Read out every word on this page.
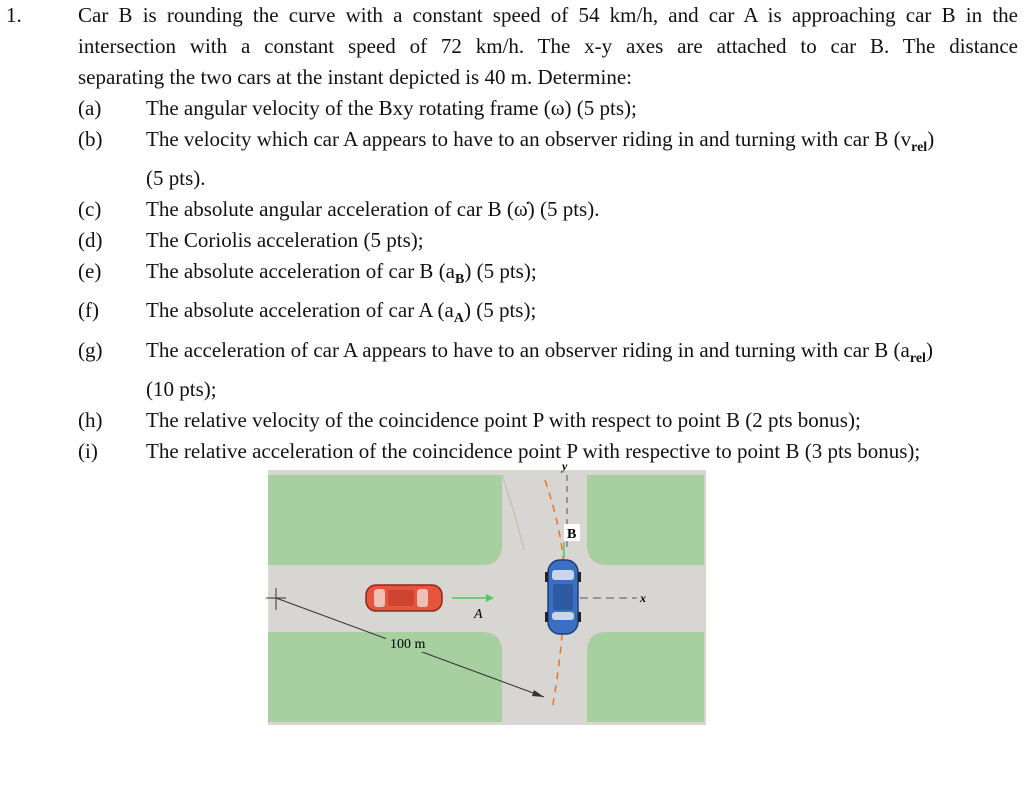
1.	Car B is rounding the curve with a constant speed of 54 km/h, and car A is approaching car B in the
intersection with a constant speed of 72 km/h. The x-y axes are attached to car B. The distance
separating the two cars at the instant depicted is 40 m. Determine:
(a) The angular velocity of the Bxy rotating frame (ω) (5 pts);
(b) The velocity which car A appears to have to an observer riding in and turning with car B $(v_{rel})$
(5 pts).
(c) The absolute angular acceleration of car B (ω̇) (5 pts).
(d) The Coriolis acceleration (5 pts);
(e) The absolute acceleration of car B $(a_B)$ (5 pts);
(f) The absolute acceleration of car A $(a_A)$ (5 pts);
(g) The acceleration of car A appears to have to an observer riding in and turning with car B $(a_{rel})$
(10 pts);
(h) The relative velocity of the coincidence point P with respect to point B (2 pts bonus);
(i) The relative acceleration of the coincidence point P with respective to point B (3 pts bonus);
y
x
B
A
100 m
